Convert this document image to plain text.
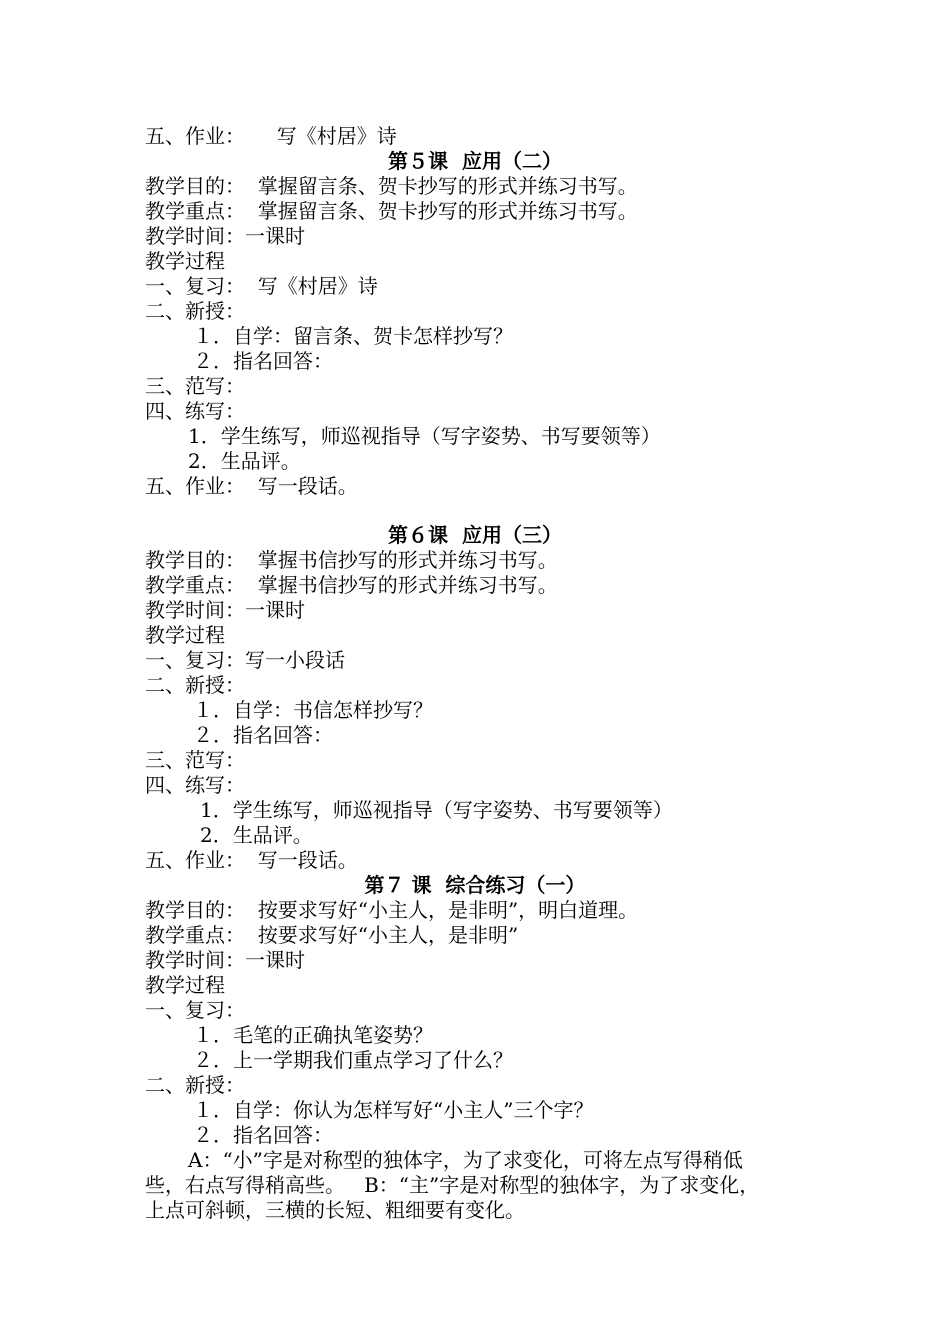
五、作业：     写《村居》诗
第５课  应用（二）
教学目的：  掌握留言条、贺卡抄写的形式并练习书写。
教学重点：  掌握留言条、贺卡抄写的形式并练习书写。
教学时间：一课时
教学过程
一、复习：  写《村居》诗
二、新授：
１．自学：留言条、贺卡怎样抄写？
２．指名回答：
三、范写：
四、练写：
1．学生练写，师巡视指导（写字姿势、书写要领等）
2．生品评。
五、作业：  写一段话。
第６课  应用（三）
教学目的：  掌握书信抄写的形式并练习书写。
教学重点：  掌握书信抄写的形式并练习书写。
教学时间：一课时
教学过程
一、复习：写一小段话
二、新授：
１．自学：书信怎样抄写？
２．指名回答：
三、范写：
四、练写：
1．学生练写，师巡视指导（写字姿势、书写要领等）
2．生品评。
五、作业：  写一段话。
第７ 课  综合练习（一）
教学目的：  按要求写好“小主人，是非明”，明白道理。
教学重点：  按要求写好“小主人，是非明”
教学时间：一课时
教学过程
一、复习：
１．毛笔的正确执笔姿势？
２．上一学期我们重点学习了什么？
二、新授：
１．自学：你认为怎样写好“小主人”三个字？
２．指名回答：
A：“小”字是对称型的独体字，为了求变化，可将左点写得稍低
些，右点写得稍高些。   B：“主”字是对称型的独体字，为了求变化，
上点可斜顿，三横的长短、粗细要有变化。
